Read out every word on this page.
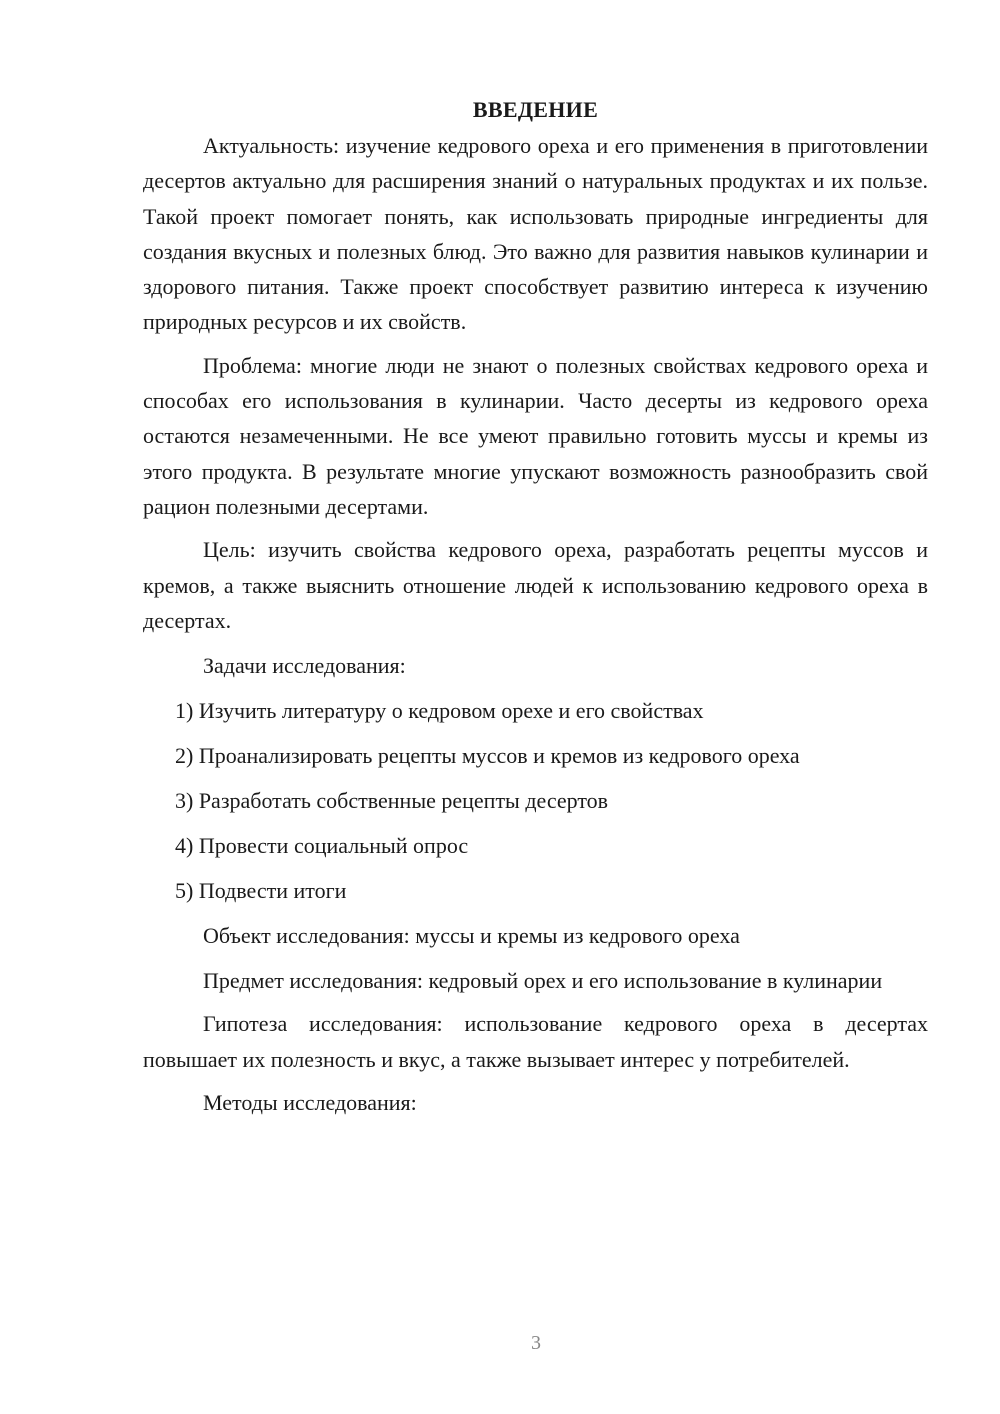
ВВЕДЕНИЕ

Актуальность: изучение кедрового ореха и его применения в приготовлении десертов актуально для расширения знаний о натуральных продуктах и их пользе. Такой проект помогает понять, как использовать природные ингредиенты для создания вкусных и полезных блюд. Это важно для развития навыков кулинарии и здорового питания. Также проект способствует развитию интереса к изучению природных ресурсов и их свойств.

Проблема: многие люди не знают о полезных свойствах кедрового ореха и способах его использования в кулинарии. Часто десерты из кедрового ореха остаются незамеченными. Не все умеют правильно готовить муссы и кремы из этого продукта. В результате многие упускают возможность разнообразить свой рацион полезными десертами.

Цель: изучить свойства кедрового ореха, разработать рецепты муссов и кремов, а также выяснить отношение людей к использованию кедрового ореха в десертах.

Задачи исследования:
1) Изучить литературу о кедровом орехе и его свойствах
2) Проанализировать рецепты муссов и кремов из кедрового ореха
3) Разработать собственные рецепты десертов
4) Провести социальный опрос
5) Подвести итоги
Объект исследования: муссы и кремы из кедрового ореха

Предмет исследования: кедровый орех и его использование в кулинарии

Гипотеза исследования: использование кедрового ореха в десертах повышает их полезность и вкус, а также вызывает интерес у потребителей.

Методы исследования:
3
